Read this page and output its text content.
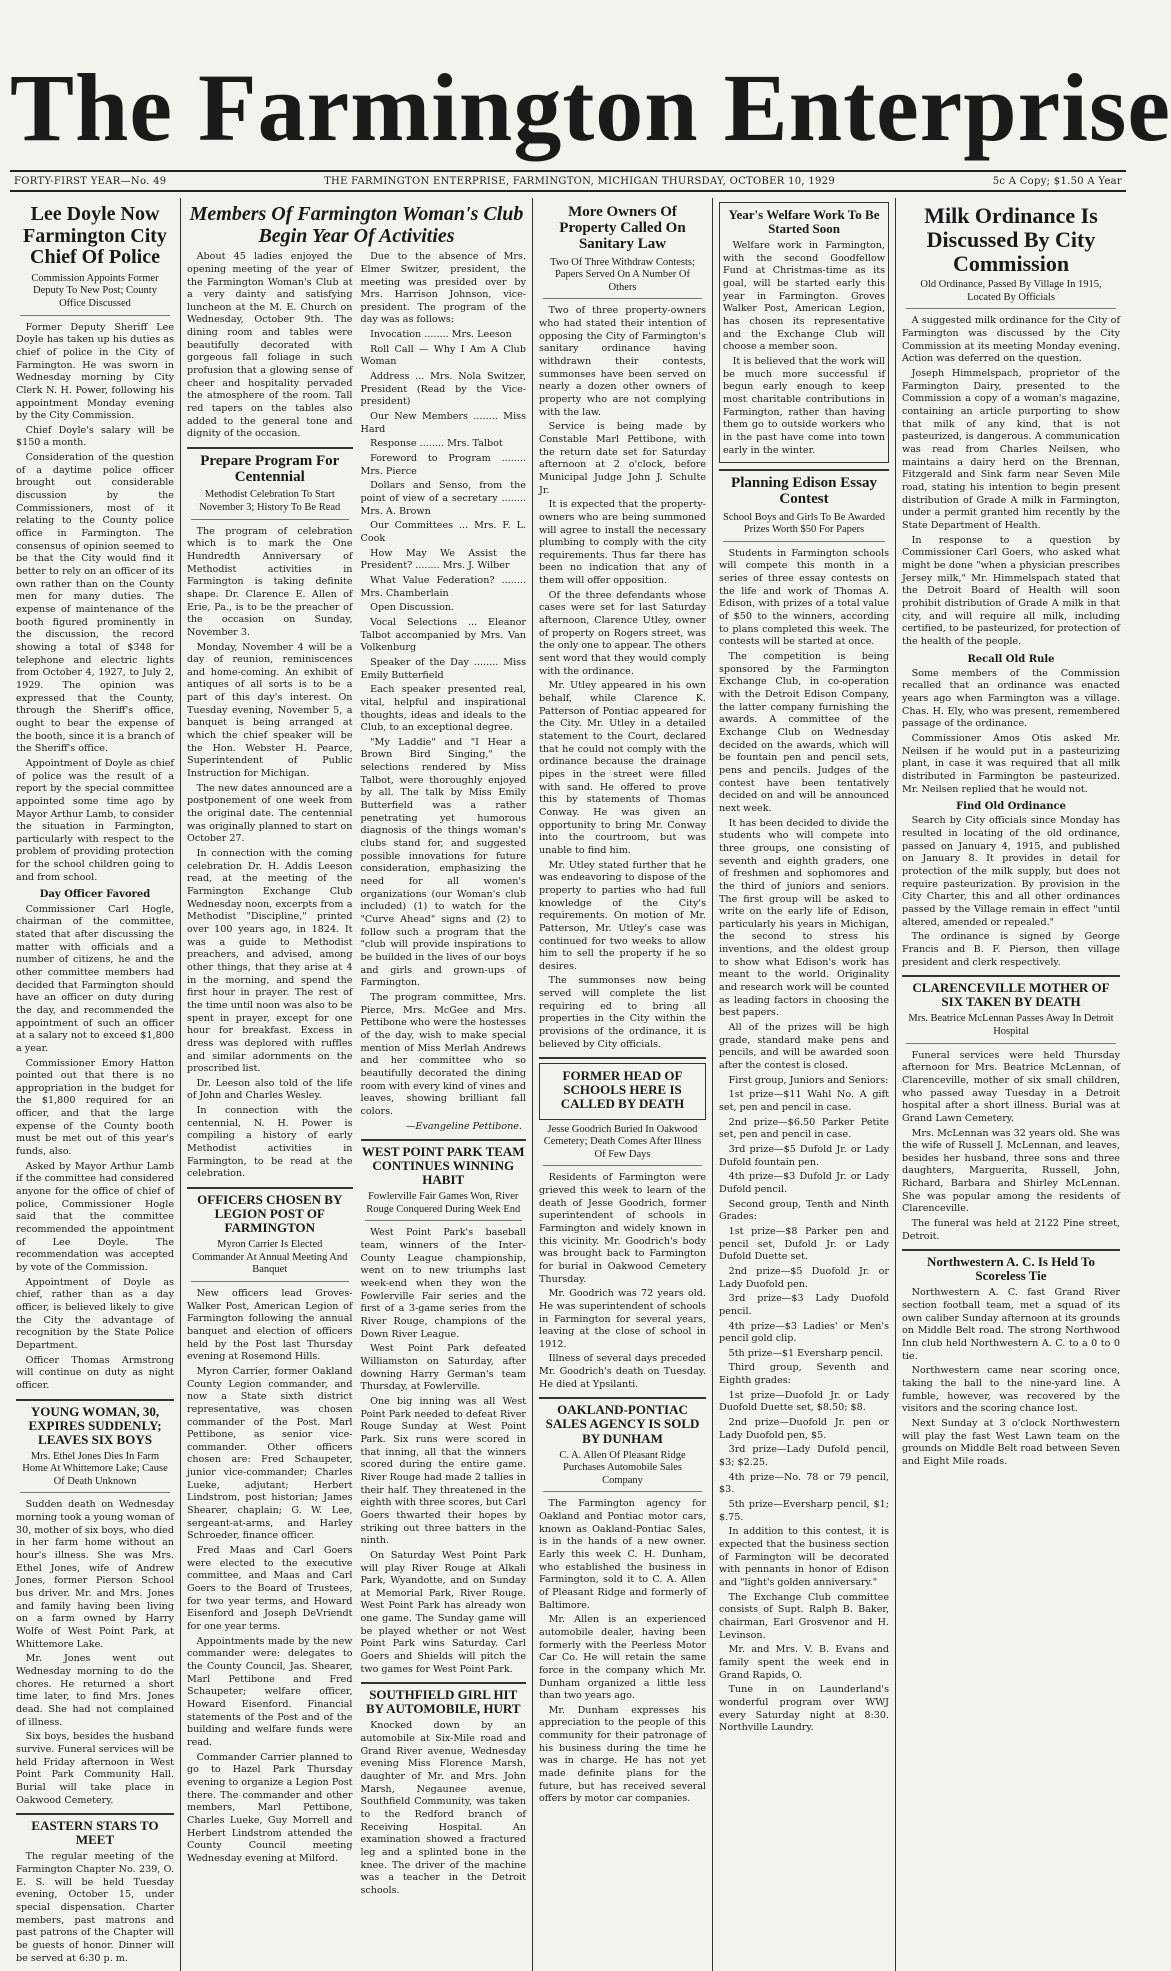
The Farmington Enterprise
FORTY-FIRST YEAR—No. 49	THE FARMINGTON ENTERPRISE, FARMINGTON, MICHIGAN THURSDAY, OCTOBER 10, 1929	5c A Copy; $1.50 A Year
Lee Doyle Now Farmington City Chief Of Police
Commission Appoints Former Deputy To New Post; County Office Discussed

Former Deputy Sheriff Lee Doyle has taken up his duties as chief of police in the City of Farmington. He was sworn in Wednesday morning by City Clerk N. H. Power, following his appointment Monday evening by the City Commission.

Chief Doyle's salary will be $150 a month.

Consideration of the question of a daytime police officer brought out considerable discussion by the Commissioners, most of it relating to the County police office in Farmington. The consensus of opinion seemed to be that the City would find it better to rely on an officer of its own rather than on the County men for many duties. The expense of maintenance of the booth figured prominently in the discussion, the record showing a total of $348 for telephone and electric lights from October 4, 1927, to July 2, 1929. The opinion was expressed that the County, through the Sheriff's office, ought to bear the expense of the booth, since it is a branch of the Sheriff's office.

Appointment of Doyle as chief of police was the result of a report by the special committee appointed some time ago by Mayor Arthur Lamb, to consider the situation in Farmington, particularly with respect to the problem of providing protection for the school children going to and from school.

Day Officer Favored

Commissioner Carl Hogle, chairman of the committee, stated that after discussing the matter with officials and a number of citizens, he and the other committee members had decided that Farmington should have an officer on duty during the day, and recommended the appointment of such an officer at a salary not to exceed $1,800 a year.

Commissioner Emory Hatton pointed out that there is no appropriation in the budget for the $1,800 required for an officer, and that the large expense of the County booth must be met out of this year's funds, also.

Asked by Mayor Arthur Lamb if the committee had considered anyone for the office of chief of police, Commissioner Hogle said that the committee recommended the appointment of Lee Doyle. The recommendation was accepted by vote of the Commission.

Appointment of Doyle as chief, rather than as a day officer, is believed likely to give the City the advantage of recognition by the State Police Department.

Officer Thomas Armstrong will continue on duty as night officer.

YOUNG WOMAN, 30, EXPIRES SUDDENLY; LEAVES SIX BOYS
Mrs. Ethel Jones Dies In Farm Home At Whittemore Lake; Cause Of Death Unknown

Sudden death on Wednesday morning took a young woman of 30, mother of six boys, who died in her farm home without an hour's illness. She was Mrs. Ethel Jones, wife of Andrew Jones, former Pierson School bus driver. Mr. and Mrs. Jones and family having been living on a farm owned by Harry Wolfe of West Point Park, at Whittemore Lake.

Mr. Jones went out Wednesday morning to do the chores. He returned a short time later, to find Mrs. Jones dead. She had not complained of illness.

Six boys, besides the husband survive. Funeral services will be held Friday afternoon in West Point Park Community Hall. Burial will take place in Oakwood Cemetery.

EASTERN STARS TO MEET

The regular meeting of the Farmington Chapter No. 239, O. E. S. will be held Tuesday evening, October 15, under special dispensation. Charter members, past matrons and past patrons of the Chapter will be guests of honor. Dinner will be served at 6:30 p. m.

Members Of Farmington Woman's Club Begin Year Of Activities

About 45 ladies enjoyed the opening meeting of the year of the Farmington Woman's Club at a very dainty and satisfying luncheon at the M. E. Church on Wednesday, October 9th. The dining room and tables were beautifully decorated with gorgeous fall foliage in such profusion that a glowing sense of cheer and hospitality pervaded the atmosphere of the room. Tall red tapers on the tables also added to the general tone and dignity of the occasion.

Prepare Program For Centennial
Methodist Celebration To Start November 3; History To Be Read

The program of celebration which is to mark the One Hundredth Anniversary of Methodist activities in Farmington is taking definite shape. Dr. Clarence E. Allen of Erie, Pa., is to be the preacher of the occasion on Sunday, November 3.

Monday, November 4 will be a day of reunion, reminiscences and home-coming. An exhibit of antiques of all sorts is to be a part of this day's interest. On Tuesday evening, November 5, a banquet is being arranged at which the chief speaker will be the Hon. Webster H. Pearce, Superintendent of Public Instruction for Michigan.

The new dates announced are a postponement of one week from the original date. The centennial was originally planned to start on October 27.

In connection with the coming celebration Dr. H. Addis Leeson read, at the meeting of the Farmington Exchange Club Wednesday noon, excerpts from a Methodist "Discipline," printed over 100 years ago, in 1824. It was a guide to Methodist preachers, and advised, among other things, that they arise at 4 in the morning, and spend the first hour in prayer. The rest of the time until noon was also to be spent in prayer, except for one hour for breakfast. Excess in dress was deplored with ruffles and similar adornments on the proscribed list.

Dr. Leeson also told of the life of John and Charles Wesley.

In connection with the centennial, N. H. Power is compiling a history of early Methodist activities in Farmington, to be read at the celebration.

OFFICERS CHOSEN BY LEGION POST OF FARMINGTON
Myron Carrier Is Elected Commander At Annual Meeting And Banquet

New officers lead Groves-Walker Post, American Legion of Farmington following the annual banquet and election of officers held by the Post last Thursday evening at Rosemond Hills.

Myron Carrier, former Oakland County Legion commander, and now a State sixth district representative, was chosen commander of the Post. Marl Pettibone, as senior vice-commander. Other officers chosen are: Fred Schaupeter, junior vice-commander; Charles Lueke, adjutant; Herbert Lindstrom, post historian; James Shearer, chaplain; G. W. Lee, sergeant-at-arms, and Harley Schroeder, finance officer.

Fred Maas and Carl Goers were elected to the executive committee, and Maas and Carl Goers to the Board of Trustees, for two year terms, and Howard Eisenford and Joseph DeVriendt for one year terms.

Appointments made by the new commander were: delegates to the County Council, Jas. Shearer, Marl Pettibone and Fred Schaupeter; welfare officer, Howard Eisenford. Financial statements of the Post and of the building and welfare funds were read.

Commander Carrier planned to go to Hazel Park Thursday evening to organize a Legion Post there. The commander and other members, Marl Pettibone, Charles Lueke, Guy Morrell and Herbert Lindstrom attended the County Council meeting Wednesday evening at Milford.

Due to the absence of Mrs. Elmer Switzer, president, the meeting was presided over by Mrs. Harrison Johnson, vice-president. The program of the day was as follows:

Invocation ........ Mrs. Leeson

Roll Call — Why I Am A Club Woman

Address ... Mrs. Nola Switzer, President (Read by the Vice-president)

Our New Members ........ Miss Hard

Response ........ Mrs. Talbot

Foreword to Program ........ Mrs. Pierce

Dollars and Senso, from the point of view of a secretary ........ Mrs. A. Brown

Our Committees ... Mrs. F. L. Cook

How May We Assist the President? ........ Mrs. J. Wilber

What Value Federation? ........ Mrs. Chamberlain

Open Discussion.

Vocal Selections ... Eleanor Talbot accompanied by Mrs. Van Volkenburg

Speaker of the Day ........ Miss Emily Butterfield

Each speaker presented real, vital, helpful and inspirational thoughts, ideas and ideals to the Club, to an exceptional degree.

"My Laddie" and "I Hear a Brown Bird Singing," the selections rendered by Miss Talbot, were thoroughly enjoyed by all. The talk by Miss Emily Butterfield was a rather penetrating yet humorous diagnosis of the things woman's clubs stand for, and suggested possible innovations for future consideration, emphasizing the need for all women's organizations (our Woman's club included) (1) to watch for the "Curve Ahead" signs and (2) to follow such a program that the "club will provide inspirations to be builded in the lives of our boys and girls and grown-ups of Farmington.

The program committee, Mrs. Pierce, Mrs. McGee and Mrs. Pettibone who were the hostesses of the day, wish to make special mention of Miss Merlah Andrews and her committee who so beautifully decorated the dining room with every kind of vines and leaves, showing brilliant fall colors.

—Evangeline Pettibone.
WEST POINT PARK TEAM CONTINUES WINNING HABIT
Fowlerville Fair Games Won, River Rouge Conquered During Week End

West Point Park's baseball team, winners of the Inter-County League championship, went on to new triumphs last week-end when they won the Fowlerville Fair series and the first of a 3-game series from the River Rouge, champions of the Down River League.

West Point Park defeated Williamston on Saturday, after downing Harry German's team Thursday, at Fowlerville.

One big inning was all West Point Park needed to defeat River Rouge Sunday at West Point Park. Six runs were scored in that inning, all that the winners scored during the entire game. River Rouge had made 2 tallies in their half. They threatened in the eighth with three scores, but Carl Goers thwarted their hopes by striking out three batters in the ninth.

On Saturday West Point Park will play River Rouge at Alkali Park, Wyandotte, and on Sunday at Memorial Park, River Rouge. West Point Park has already won one game. The Sunday game will be played whether or not West Point Park wins Saturday. Carl Goers and Shields will pitch the two games for West Point Park.

SOUTHFIELD GIRL HIT BY AUTOMOBILE, HURT

Knocked down by an automobile at Six-Mile road and Grand River avenue, Wednesday evening Miss Florence Marsh, daughter of Mr. and Mrs. John Marsh, Negaunee avenue, Southfield Community, was taken to the Redford branch of Receiving Hospital. An examination showed a fractured leg and a splinted bone in the knee. The driver of the machine was a teacher in the Detroit schools.

More Owners Of Property Called On Sanitary Law
Two Of Three Withdraw Contests; Papers Served On A Number Of Others

Two of three property-owners who had stated their intention of opposing the City of Farmington's sanitary ordinance having withdrawn their contests, summonses have been served on nearly a dozen other owners of property who are not complying with the law.

Service is being made by Constable Marl Pettibone, with the return date set for Saturday afternoon at 2 o'clock, before Municipal Judge John J. Schulte Jr.

It is expected that the property-owners who are being summoned will agree to install the necessary plumbing to comply with the city requirements. Thus far there has been no indication that any of them will offer opposition.

Of the three defendants whose cases were set for last Saturday afternoon, Clarence Utley, owner of property on Rogers street, was the only one to appear. The others sent word that they would comply with the ordinance.

Mr. Utley appeared in his own behalf, while Clarence K. Patterson of Pontiac appeared for the City. Mr. Utley in a detailed statement to the Court, declared that he could not comply with the ordinance because the drainage pipes in the street were filled with sand. He offered to prove this by statements of Thomas Conway. He was given an opportunity to bring Mr. Conway into the courtroom, but was unable to find him.

Mr. Utley stated further that he was endeavoring to dispose of the property to parties who had full knowledge of the City's requirements. On motion of Mr. Patterson, Mr. Utley's case was continued for two weeks to allow him to sell the property if he so desires.

The summonses now being served will complete the list requiring ed to bring all properties in the City within the provisions of the ordinance, it is believed by City officials.

FORMER HEAD OF SCHOOLS HERE IS CALLED BY DEATH
Jesse Goodrich Buried In Oakwood Cemetery; Death Comes After Illness Of Few Days

Residents of Farmington were grieved this week to learn of the death of Jesse Goodrich, former superintendent of schools in Farmington and widely known in this vicinity. Mr. Goodrich's body was brought back to Farmington for burial in Oakwood Cemetery Thursday.

Mr. Goodrich was 72 years old. He was superintendent of schools in Farmington for several years, leaving at the close of school in 1912.

Illness of several days preceded Mr. Goodrich's death on Tuesday. He died at Ypsilanti.

OAKLAND-PONTIAC SALES AGENCY IS SOLD BY DUNHAM
C. A. Allen Of Pleasant Ridge Purchases Automobile Sales Company

The Farmington agency for Oakland and Pontiac motor cars, known as Oakland-Pontiac Sales, is in the hands of a new owner. Early this week C. H. Dunham, who established the business in Farmington, sold it to C. A. Allen of Pleasant Ridge and formerly of Baltimore.

Mr. Allen is an experienced automobile dealer, having been formerly with the Peerless Motor Car Co. He will retain the same force in the company which Mr. Dunham organized a little less than two years ago.

Mr. Dunham expresses his appreciation to the people of this community for their patronage of his business during the time he was in charge. He has not yet made definite plans for the future, but has received several offers by motor car companies.

Year's Welfare Work To Be Started Soon

Welfare work in Farmington, with the second Goodfellow Fund at Christmas-time as its goal, will be started early this year in Farmington. Groves Walker Post, American Legion, has chosen its representative and the Exchange Club will choose a member soon.

It is believed that the work will be much more successful if begun early enough to keep most charitable contributions in Farmington, rather than having them go to outside workers who in the past have come into town early in the winter.

Planning Edison Essay Contest
School Boys and Girls To Be Awarded Prizes Worth $50 For Papers

Students in Farmington schools will compete this month in a series of three essay contests on the life and work of Thomas A. Edison, with prizes of a total value of $50 to the winners, according to plans completed this week. The contests will be started at once.

The competition is being sponsored by the Farmington Exchange Club, in co-operation with the Detroit Edison Company, the latter company furnishing the awards. A committee of the Exchange Club on Wednesday decided on the awards, which will be fountain pen and pencil sets, pens and pencils. Judges of the contest have been tentatively decided on and will be announced next week.

It has been decided to divide the students who will compete into three groups, one consisting of seventh and eighth graders, one of freshmen and sophomores and the third of juniors and seniors. The first group will be asked to write on the early life of Edison, particularly his years in Michigan, the second to stress his inventions, and the oldest group to show what Edison's work has meant to the world. Originality and research work will be counted as leading factors in choosing the best papers.

All of the prizes will be high grade, standard make pens and pencils, and will be awarded soon after the contest is closed.

First group, Juniors and Seniors:

1st prize—$11 Wahl No. A gift set, pen and pencil in case.

2nd prize—$6.50 Parker Petite set, pen and pencil in case.

3rd prize—$5 Dufold Jr. or Lady Dufold fountain pen.

4th prize—$3 Dufold Jr. or Lady Dufold pencil.

Second group, Tenth and Ninth Grades:

1st prize—$8 Parker pen and pencil set, Dufold Jr. or Lady Dufold Duette set.

2nd prize—$5 Duofold Jr. or Lady Duofold pen.

3rd prize—$3 Lady Duofold pencil.

4th prize—$3 Ladies' or Men's pencil gold clip.

5th prize—$1 Eversharp pencil.

Third group, Seventh and Eighth grades:

1st prize—Duofold Jr. or Lady Duofold Duette set, $8.50; $8.

2nd prize—Duofold Jr. pen or Lady Duofold pen, $5.

3rd prize—Lady Dufold pencil, $3; $2.25.

4th prize—No. 78 or 79 pencil, $3.

5th prize—Eversharp pencil, $1; $.75.

In addition to this contest, it is expected that the business section of Farmington will be decorated with pennants in honor of Edison and "light's golden anniversary."

The Exchange Club committee consists of Supt. Ralph B. Baker, chairman, Earl Grosvenor and H. Levinson.

Mr. and Mrs. V. B. Evans and family spent the week end in Grand Rapids, O.

Tune in on Launderland's wonderful program over WWJ every Saturday night at 8:30. Northville Laundry.

Milk Ordinance Is Discussed By City Commission
Old Ordinance, Passed By Village In 1915, Located By Officials

A suggested milk ordinance for the City of Farmington was discussed by the City Commission at its meeting Monday evening. Action was deferred on the question.

Joseph Himmelspach, proprietor of the Farmington Dairy, presented to the Commission a copy of a woman's magazine, containing an article purporting to show that milk of any kind, that is not pasteurized, is dangerous. A communication was read from Charles Neilsen, who maintains a dairy herd on the Brennan, Fitzgerald and Sink farm near Seven Mile road, stating his intention to begin present distribution of Grade A milk in Farmington, under a permit granted him recently by the State Department of Health.

In response to a question by Commissioner Carl Goers, who asked what might be done "when a physician prescribes Jersey milk," Mr. Himmelspach stated that the Detroit Board of Health will soon prohibit distribution of Grade A milk in that city, and will require all milk, including certified, to be pasteurized, for protection of the health of the people.

Recall Old Rule

Some members of the Commission recalled that an ordinance was enacted years ago when Farmington was a village. Chas. H. Ely, who was present, remembered passage of the ordinance.

Commissioner Amos Otis asked Mr. Neilsen if he would put in a pasteurizing plant, in case it was required that all milk distributed in Farmington be pasteurized. Mr. Neilsen replied that he would not.

Find Old Ordinance

Search by City officials since Monday has resulted in locating of the old ordinance, passed on January 4, 1915, and published on January 8. It provides in detail for protection of the milk supply, but does not require pasteurization. By provision in the City Charter, this and all other ordinances passed by the Village remain in effect "until altered, amended or repealed."

The ordinance is signed by George Francis and B. F. Pierson, then village president and clerk respectively.

CLARENCEVILLE MOTHER OF SIX TAKEN BY DEATH
Mrs. Beatrice McLennan Passes Away In Detroit Hospital

Funeral services were held Thursday afternoon for Mrs. Beatrice McLennan, of Clarenceville, mother of six small children, who passed away Tuesday in a Detroit hospital after a short illness. Burial was at Grand Lawn Cemetery.

Mrs. McLennan was 32 years old. She was the wife of Russell J. McLennan, and leaves, besides her husband, three sons and three daughters, Marguerita, Russell, John, Richard, Barbara and Shirley McLennan. She was popular among the residents of Clarenceville.

The funeral was held at 2122 Pine street, Detroit.

Northwestern A. C. Is Held To Scoreless Tie

Northwestern A. C. fast Grand River section football team, met a squad of its own caliber Sunday afternoon at its grounds on Middle Belt road. The strong Northwood Inn club held Northwestern A. C. to a 0 to 0 tie.

Northwestern came near scoring once, taking the ball to the nine-yard line. A fumble, however, was recovered by the visitors and the scoring chance lost.

Next Sunday at 3 o'clock Northwestern will play the fast West Lawn team on the grounds on Middle Belt road between Seven and Eight Mile roads.
